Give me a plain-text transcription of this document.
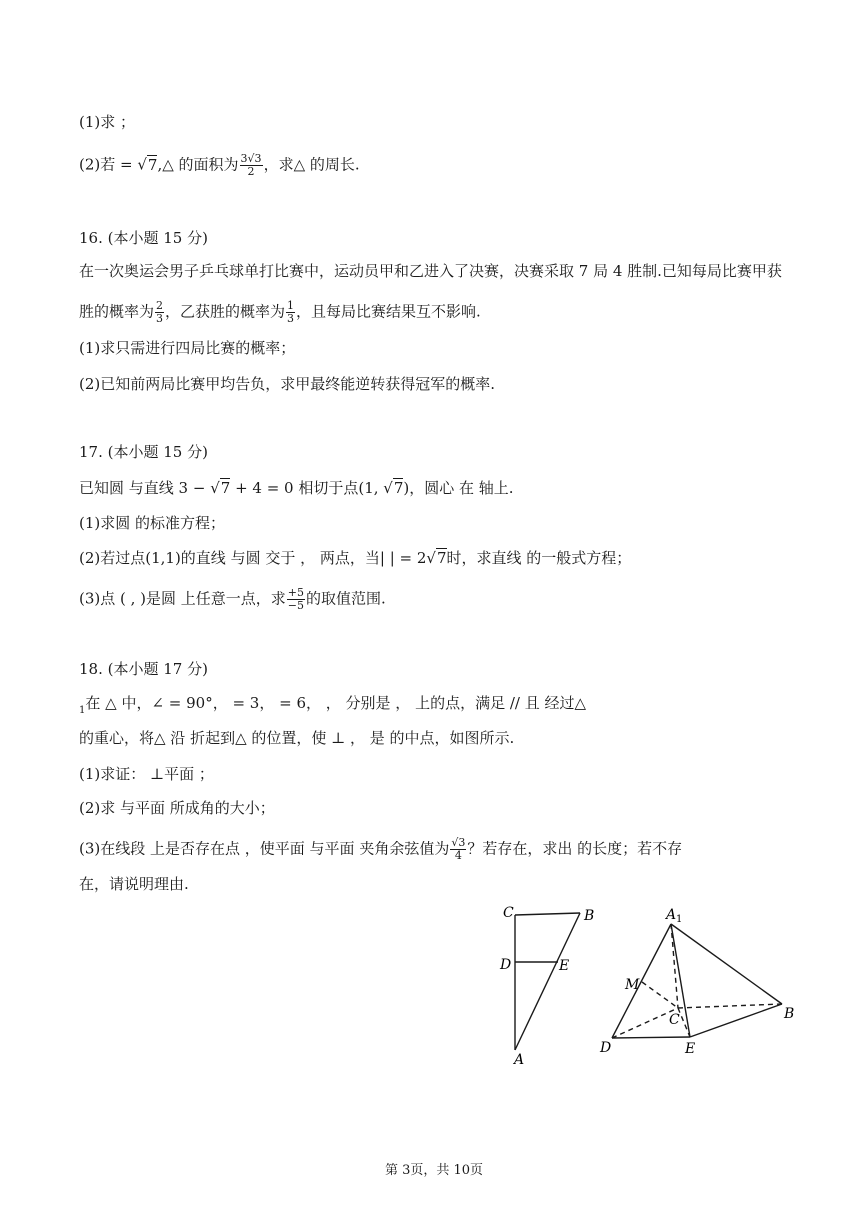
(1)求 ；
(2)若 = √7,△ 的面积为 $\frac{3√3}{2}$ ，求△ 的周长.
16. (本小题 15 分)
在一次奥运会男子乒乓球单打比赛中，运动员甲和乙进入了决赛，决赛采取 7 局 4 胜制.已知每局比赛甲获
胜的概率为 $\frac{2}{3}$ ，乙获胜的概率为 $\frac{1}{3}$ ，且每局比赛结果互不影响.
(1)求只需进行四局比赛的概率；
(2)已知前两局比赛甲均告负，求甲最终能逆转获得冠军的概率.
17. (本小题 15 分)
已知圆 与直线 3 − √7 + 4 = 0 相切于点(1, √7)，圆心 在 轴上.
(1)求圆 的标准方程；
(2)若过点(1,1)的直线 与圆 交于 ， 两点，当| | = 2√7时，求直线 的一般式方程；
(3)点 ( , )是圆 上任意一点，求 $\frac{+5}{-5}$ 的取值范围.
18. (本小题 17 分)
$_1$在 △ 中，∠ = 90°， = 3， = 6， ， 分别是 ， 上的点，满足 // 且 经过△
的重心，将△ 沿 折起到△ 的位置，使 ⊥ ， 是 的中点，如图所示.
(1)求证： ⊥平面 ；
(2)求 与平面 所成角的大小；
(3)在线段 上是否存在点 ，使平面 与平面 夹角余弦值为 $\frac{√3}{4}$ ？若存在，求出 的长度；若不存
在，请说明理由.
C	B
D	E
A
A 1
M
C	B
D	E
第 3页，共 10页
